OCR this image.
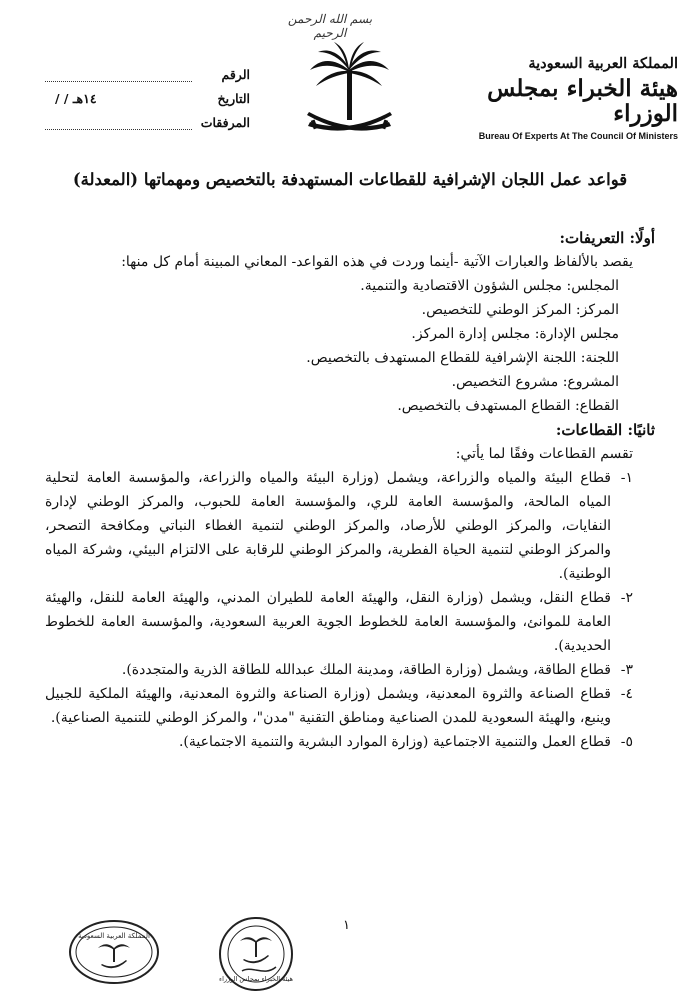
بسم الله الرحمن الرحيم
الرقم
التاريخ
/ / ١٤هـ
المرفقات
المملكة العربية السعودية
هيئة الخبراء بمجلس الوزراء
Bureau Of Experts At The Council Of Ministers
قواعد عمل اللجان الإشرافية للقطاعات المستهدفة بالتخصيص ومهماتها (المعدلة)
أولًا: التعريفات:
يقصد بالألفاظ والعبارات الآتية -أينما وردت في هذه القواعد- المعاني المبينة أمام كل منها:
المجلس: مجلس الشؤون الاقتصادية والتنمية.
المركز: المركز الوطني للتخصيص.
مجلس الإدارة: مجلس إدارة المركز.
اللجنة: اللجنة الإشرافية للقطاع المستهدف بالتخصيص.
المشروع: مشروع التخصيص.
القطاع: القطاع المستهدف بالتخصيص.
ثانيًا: القطاعات:
تقسم القطاعات وفقًا لما يأتي:
١-
قطاع البيئة والمياه والزراعة، ويشمل (وزارة البيئة والمياه والزراعة، والمؤسسة العامة لتحلية المياه المالحة، والمؤسسة العامة للري، والمؤسسة العامة للحبوب، والمركز الوطني لإدارة النفايات، والمركز الوطني للأرصاد، والمركز الوطني لتنمية الغطاء النباتي ومكافحة التصحر، والمركز الوطني لتنمية الحياة الفطرية، والمركز الوطني للرقابة على الالتزام البيئي، وشركة المياه الوطنية).
٢-
قطاع النقل، ويشمل (وزارة النقل، والهيئة العامة للطيران المدني، والهيئة العامة للنقل، والهيئة العامة للموانئ، والمؤسسة العامة للخطوط الجوية العربية السعودية، والمؤسسة العامة للخطوط الحديدية).
٣-
قطاع الطاقة، ويشمل (وزارة الطاقة، ومدينة الملك عبدالله للطاقة الذرية والمتجددة).
٤-
قطاع الصناعة والثروة المعدنية، ويشمل (وزارة الصناعة والثروة المعدنية، والهيئة الملكية للجبيل وينبع، والهيئة السعودية للمدن الصناعية ومناطق التقنية "مدن"، والمركز الوطني للتنمية الصناعية).
٥-
قطاع العمل والتنمية الاجتماعية (وزارة الموارد البشرية والتنمية الاجتماعية).
١
المملكة العربية السعودية
هيئة الخبراء بمجلس الوزراء
